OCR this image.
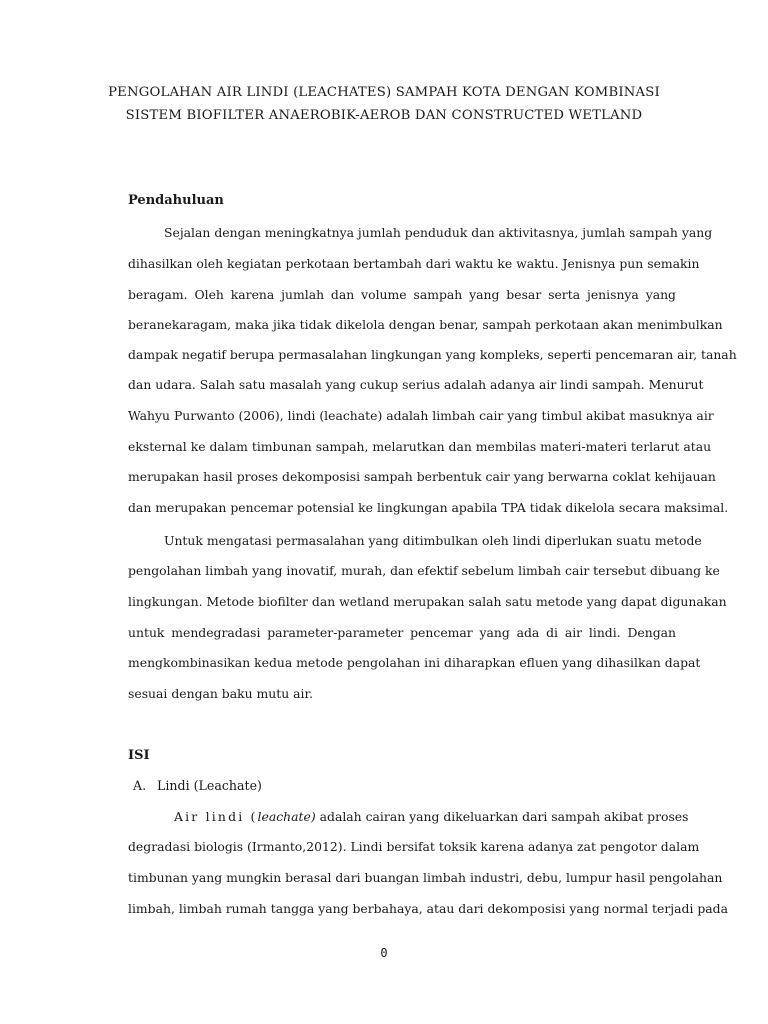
PENGOLAHAN AIR LINDI (LEACHATES) SAMPAH KOTA DENGAN KOMBINASI
SISTEM BIOFILTER ANAEROBIK-AEROB DAN CONSTRUCTED WETLAND
Pendahuluan
Sejalan dengan meningkatnya jumlah penduduk dan aktivitasnya, jumlah sampah yang
dihasilkan oleh kegiatan perkotaan bertambah dari waktu ke waktu. Jenisnya pun semakin
beragam. Oleh karena jumlah dan volume sampah yang besar serta jenisnya yang
beranekaragam, maka jika tidak dikelola dengan benar, sampah perkotaan akan menimbulkan
dampak negatif berupa permasalahan lingkungan yang kompleks, seperti pencemaran air, tanah
dan udara. Salah satu masalah yang cukup serius adalah adanya air lindi sampah. Menurut
Wahyu Purwanto (2006), lindi (leachate) adalah limbah cair yang timbul akibat masuknya air
eksternal ke dalam timbunan sampah, melarutkan dan membilas materi-materi terlarut atau
merupakan hasil proses dekomposisi sampah berbentuk cair yang berwarna coklat kehijauan
dan merupakan pencemar potensial ke lingkungan apabila TPA tidak dikelola secara maksimal.
Untuk mengatasi permasalahan yang ditimbulkan oleh lindi diperlukan suatu metode
pengolahan limbah yang inovatif, murah, dan efektif sebelum limbah cair tersebut dibuang ke
lingkungan. Metode biofilter dan wetland merupakan salah satu metode yang dapat digunakan
untuk mendegradasi parameter-parameter pencemar yang ada di air lindi. Dengan
mengkombinasikan kedua metode pengolahan ini diharapkan efluen yang dihasilkan dapat
sesuai dengan baku mutu air.
ISI
A. Lindi (Leachate)
Air lindi (leachate) adalah cairan yang dikeluarkan dari sampah akibat proses
degradasi biologis (Irmanto,2012). Lindi bersifat toksik karena adanya zat pengotor dalam
timbunan yang mungkin berasal dari buangan limbah industri, debu, lumpur hasil pengolahan
limbah, limbah rumah tangga yang berbahaya, atau dari dekomposisi yang normal terjadi pada
0
